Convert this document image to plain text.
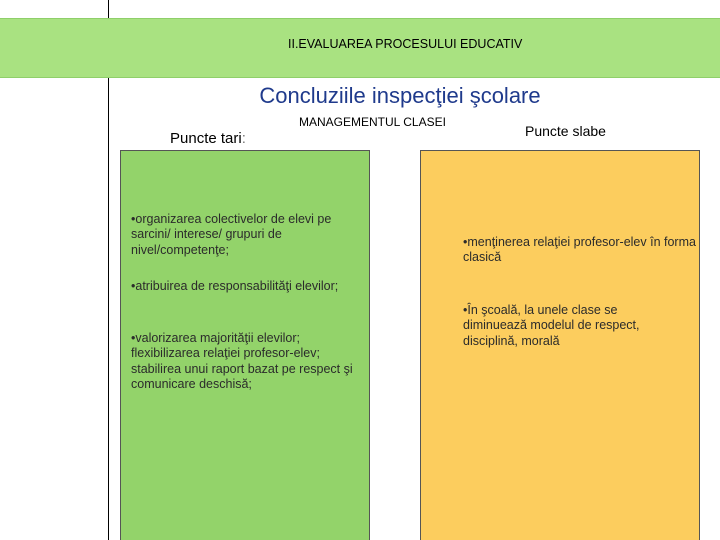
II.EVALUAREA PROCESULUI EDUCATIV
Concluziile inspecţiei şcolare
Puncte tari:
MANAGEMENTUL CLASEI
Puncte slabe
•organizarea colectivelor de elevi pe sarcini/ interese/ grupuri de nivel/competenţe;
•atribuirea de responsabilităţi elevilor;
•valorizarea majorităţii elevilor; flexibilizarea relaţiei profesor-elev; stabilirea unui raport bazat pe respect şi comunicare deschisă;
•menţinerea relaţiei profesor-elev în forma clasică
•În şcoală, la unele clase se diminuează modelul de respect, disciplină, morală
